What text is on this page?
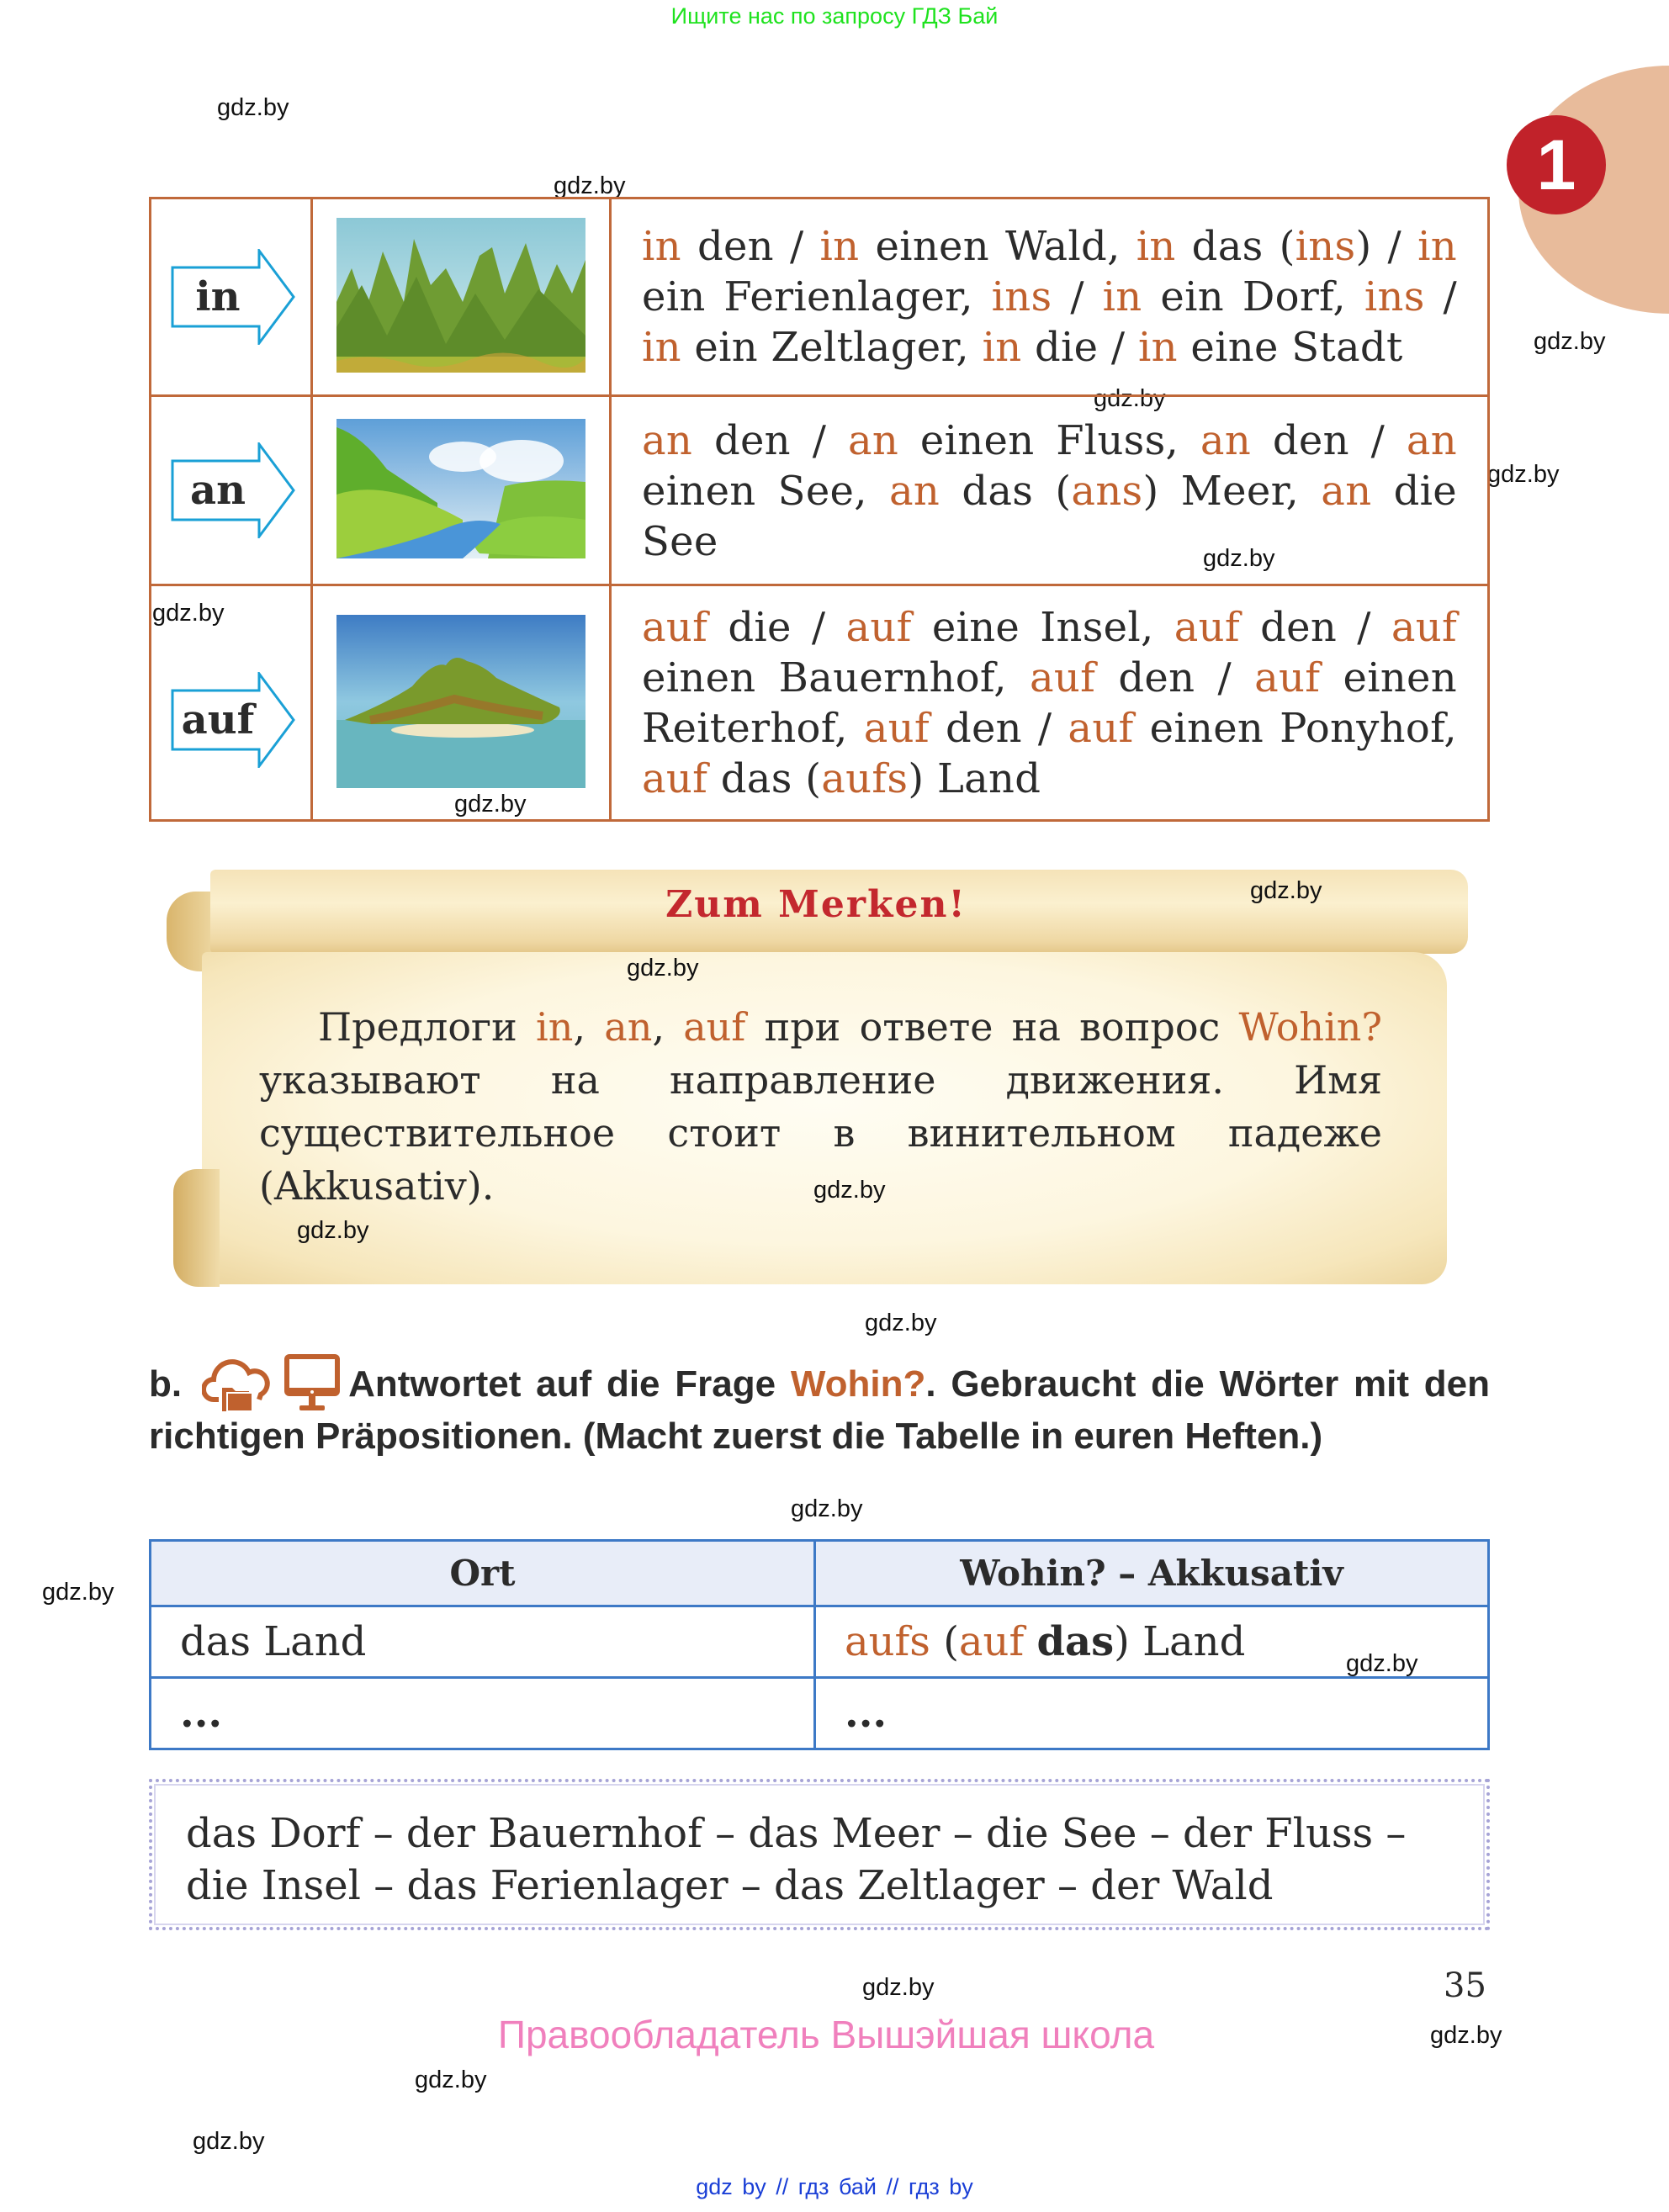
Ищите нас по запросу ГДЗ Бай
gdz.by
gdz.by
gdz.by
gdz.by
gdz.by
gdz.by
gdz.by
gdz.by
1
in		in den / in einen Wald, in das (ins) / in ein Ferienlager, ins / in ein Dorf, ins / in ein Zeltlager, in die / in eine Stadt

an		an den / an einen Fluss, an den / an einen See, an das (ans) Meer, an die See

auf		auf die / auf eine Insel, auf den / auf einen Bauernhof, auf den / auf einen Reiterhof, auf den / auf einen Ponyhof, auf das (aufs) Land
Zum Merken!
Предлоги in, an, auf при ответе на вопрос Wohin? указывают на направление движения. Имя существительное стоит в винительном падеже (Akkusativ).
gdz.by
gdz.by
gdz.by
gdz.by
gdz.by
b.	Antwortet auf die Frage Wohin?. Gebraucht die Wörter mit den richtigen Präpositionen. (Macht zuerst die Tabelle in euren Heften.)
gdz.by
gdz.by	Ort	Wohin? – Akkusativ
das Land	aufs (auf das) Land
...	...
gdz.by
das Dorf – der Bauernhof – das Meer – die See – der Fluss –
die Insel – das Ferienlager – das Zeltlager – der Wald
gdz.by	35
Правообладатель Вышэйшая школа	gdz.by
gdz.by
gdz.by
gdz by // гдз бай // гдз by
